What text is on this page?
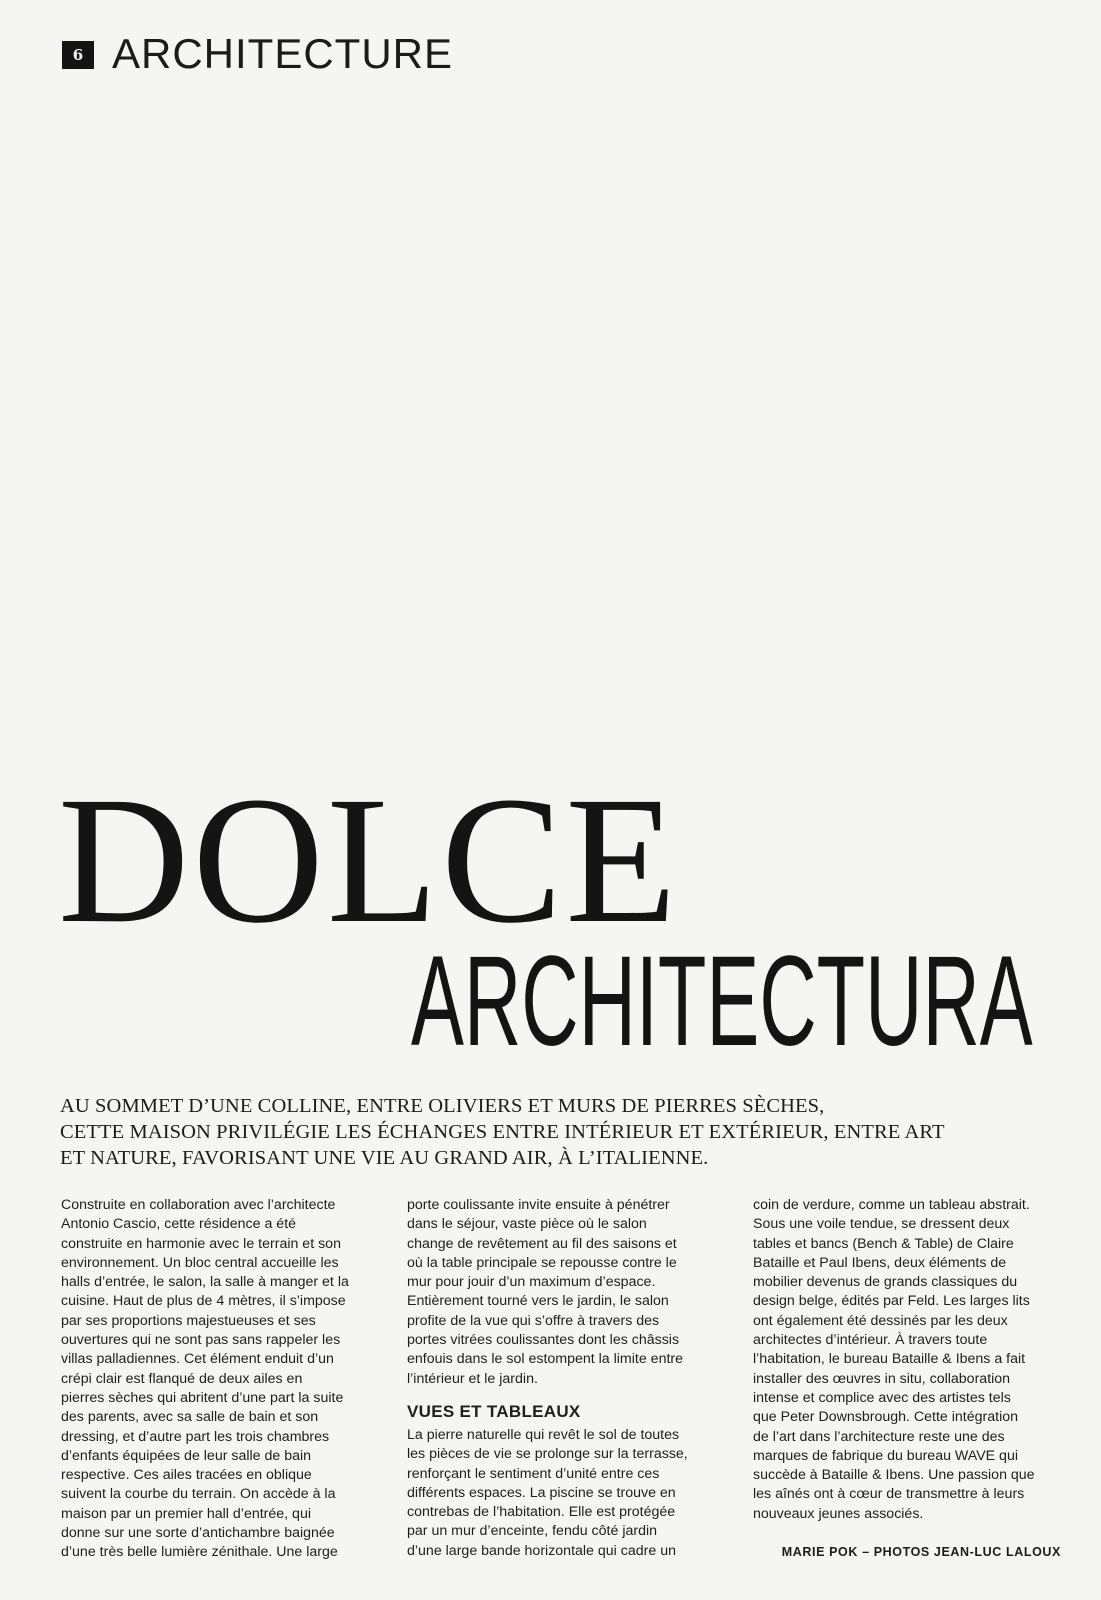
6 ARCHITECTURE
DOLCE
ARCHITECTURA
AU SOMMET D’UNE COLLINE, ENTRE OLIVIERS ET MURS DE PIERRES SÈCHES,
CETTE MAISON PRIVILÉGIE LES ÉCHANGES ENTRE INTÉRIEUR ET EXTÉRIEUR, ENTRE ART
ET NATURE, FAVORISANT UNE VIE AU GRAND AIR, À L’ITALIENNE.
Construite en collaboration avec l’architecte
Antonio Cascio, cette résidence a été
construite en harmonie avec le terrain et son
environnement. Un bloc central accueille les
halls d’entrée, le salon, la salle à manger et la
cuisine. Haut de plus de 4 mètres, il s’impose
par ses proportions majestueuses et ses
ouvertures qui ne sont pas sans rappeler les
villas palladiennes. Cet élément enduit d’un
crépi clair est flanqué de deux ailes en
pierres sèches qui abritent d’une part la suite
des parents, avec sa salle de bain et son
dressing, et d’autre part les trois chambres
d’enfants équipées de leur salle de bain
respective. Ces ailes tracées en oblique
suivent la courbe du terrain. On accède à la
maison par un premier hall d’entrée, qui
donne sur une sorte d’antichambre baignée
d’une très belle lumière zénithale. Une large
porte coulissante invite ensuite à pénétrer
dans le séjour, vaste pièce où le salon
change de revêtement au fil des saisons et
où la table principale se repousse contre le
mur pour jouir d’un maximum d’espace.
Entièrement tourné vers le jardin, le salon
profite de la vue qui s’offre à travers des
portes vitrées coulissantes dont les châssis
enfouis dans le sol estompent la limite entre
l’intérieur et le jardin.
VUES ET TABLEAUX
La pierre naturelle qui revêt le sol de toutes
les pièces de vie se prolonge sur la terrasse,
renforçant le sentiment d’unité entre ces
différents espaces. La piscine se trouve en
contrebas de l’habitation. Elle est protégée
par un mur d’enceinte, fendu côté jardin
d’une large bande horizontale qui cadre un
coin de verdure, comme un tableau abstrait.
Sous une voile tendue, se dressent deux
tables et bancs (Bench & Table) de Claire
Bataille et Paul Ibens, deux éléments de
mobilier devenus de grands classiques du
design belge, édités par Feld. Les larges lits
ont également été dessinés par les deux
architectes d’intérieur. À travers toute
l’habitation, le bureau Bataille & Ibens a fait
installer des œuvres in situ, collaboration
intense et complice avec des artistes tels
que Peter Downsbrough. Cette intégration
de l’art dans l’architecture reste une des
marques de fabrique du bureau WAVE qui
succède à Bataille & Ibens. Une passion que
les aînés ont à cœur de transmettre à leurs
nouveaux jeunes associés.
MARIE POK – PHOTOS JEAN-LUC LALOUX
